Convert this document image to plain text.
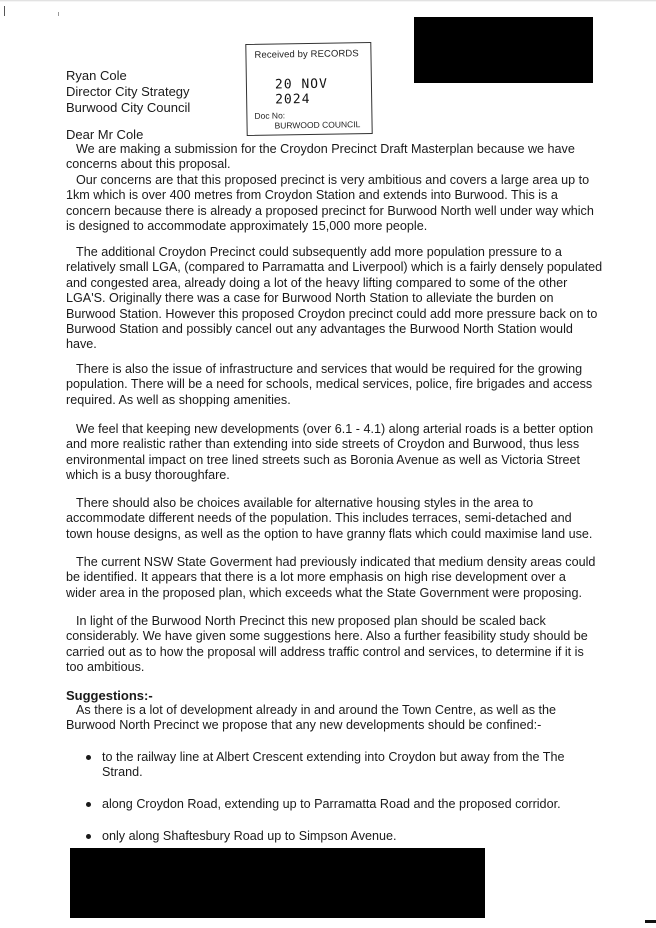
Received by RECORDS
20 NOV 2024
Doc No:
BURWOOD COUNCIL
Ryan Cole
Director City Strategy
Burwood City Council
Dear Mr Cole
We are making a submission for the Croydon Precinct Draft Masterplan because we have
concerns about this proposal.
Our concerns are that this proposed precinct is very ambitious and covers a large area up to
1km which is over 400 metres from Croydon Station and extends into Burwood. This is a
concern because there is already a proposed precinct for Burwood North well under way which
is designed to accommodate approximately 15,000 more people.
The additional Croydon Precinct could subsequently add more population pressure to a
relatively small LGA, (compared to Parramatta and Liverpool) which is a fairly densely populated
and congested area, already doing a lot of the heavy lifting compared to some of the other
LGA'S. Originally there was a case for Burwood North Station to alleviate the burden on
Burwood Station. However this proposed Croydon precinct could add more pressure back on to
Burwood Station and possibly cancel out any advantages the Burwood North Station would
have.
There is also the issue of infrastructure and services that would be required for the growing
population. There will be a need for schools, medical services, police, fire brigades and access
required. As well as shopping amenities.
We feel that keeping new developments (over 6.1 - 4.1) along arterial roads is a better option
and more realistic rather than extending into side streets of Croydon and Burwood, thus less
environmental impact on tree lined streets such as Boronia Avenue as well as Victoria Street
which is a busy thoroughfare.
There should also be choices available for alternative housing styles in the area to
accommodate different needs of the population. This includes terraces, semi-detached and
town house designs, as well as the option to have granny flats which could maximise land use.
The current NSW State Goverment had previously indicated that medium density areas could
be identified. It appears that there is a lot more emphasis on high rise development over a
wider area in the proposed plan, which exceeds what the State Government were proposing.
In light of the Burwood North Precinct this new proposed plan should be scaled back
considerably. We have given some suggestions here. Also a further feasibility study should be
carried out as to how the proposal will address traffic control and services, to determine if it is
too ambitious.
Suggestions:-
As there is a lot of development already in and around the Town Centre, as well as the
Burwood North Precinct we propose that any new developments should be confined:-
to the railway line at Albert Crescent extending into Croydon but away from the The
Strand.
along Croydon Road, extending up to Parramatta Road and the proposed corridor.
only along Shaftesbury Road up to Simpson Avenue.
